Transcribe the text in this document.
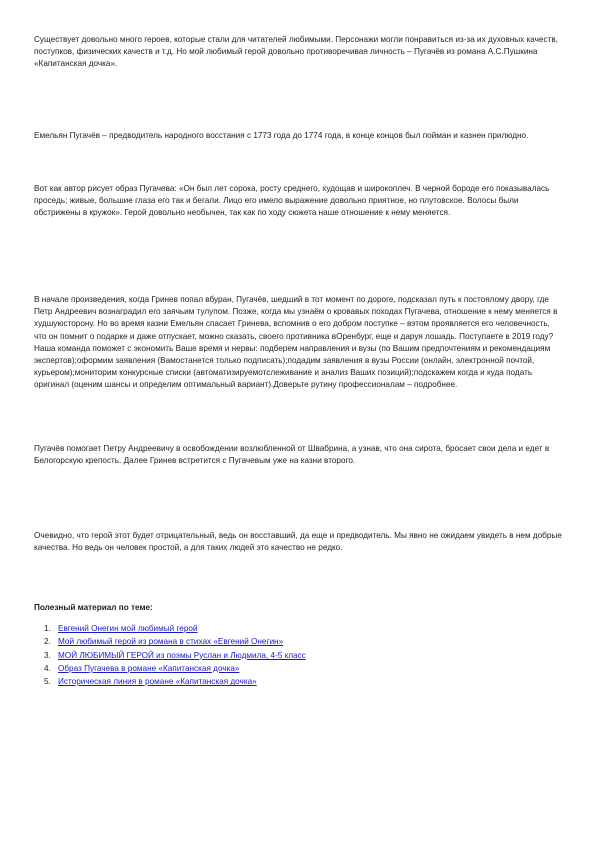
Существует довольно много героев, которые стали для читателей любимыми. Персонажи могли понравиться из-за их духовных качеств, поступков, физических качеств и т.д. Но мой любимый герой довольно противоречивая личность – Пугачёв из романа А.С.Пушкина «Капитанская дочка».

Емельян Пугачёв – предводитель народного восстания с 1773 года до 1774 года, в конце концов был пойман и казнен прилюдно.

Вот как автор рисует образ Пугачева: «Он был лет сорока, росту среднего, худощав и широкоплеч. В черной бороде его показывалась проседь; живые, большие глаза его так и бегали. Лицо его имело выражение довольно приятное, но плутовское. Волосы были обстрижены в кружок». Герой довольно необычен, так как по ходу сюжета наше отношение к нему меняется.

В начале произведения, когда Гринев попал вбуран, Пугачёв, шедший в тот момент по дороге, подсказал путь к постоялому двору, где Петр Андреевич вознаградил его заячьим тулупом. Позже, когда мы узнаём о кровавых походах Пугачева, отношение к нему меняется в худшуюсторону. Но во время казни Емельян спасает Гринева, вспомнив о его добром поступке – вэтом проявляется его человечность, что он помнит о подарке и даже отпускает, можно сказать, своего противника вОренбург, еще и даруя лошадь. Поступаете в 2019 году? Наша команда поможет с экономить Ваше время и нервы: подберем направления и вузы (по Вашим предпочтениям и рекомендациям экспертов);оформим заявления (Вамостанется только подписать);подадим заявления в вузы России (онлайн, электронной почтой, курьером);мониторим конкурсные списки (автоматизируемотслеживание и анализ Ваших позиций);подскажем когда и куда подать оригинал (оценим шансы и определим оптимальный вариант).Доверьте рутину профессионалам – подробнее.

Пугачёв помогает Петру Андреевичу в освобождении возлюбленной от Швабрина, а узнав, что она сирота, бросает свои дела и едет в Белогорскую крепость. Далее Гринев встретится с Пугачевым уже на казни второго.

Очевидно, что герой этот будет отрицательный, ведь он восставший, да еще и предводитель. Мы явно не ожидаем увидеть в нем добрые качества. Но ведь он человек простой, а для таких людей это качество не редко.

Полезный материал по теме:

1. Евгений Онегин мой любимый герой
2. Мой любимый герой из романа в стихах «Евгений Онегин»
3. МОЙ ЛЮБИМЫЙ ГЕРОЙ из поэмы Руслан и Людмила, 4-5 класс
4. Образ Пугачева в романе «Капитанская дочка»
5. Историческая линия в романе «Капитанская дочка»
